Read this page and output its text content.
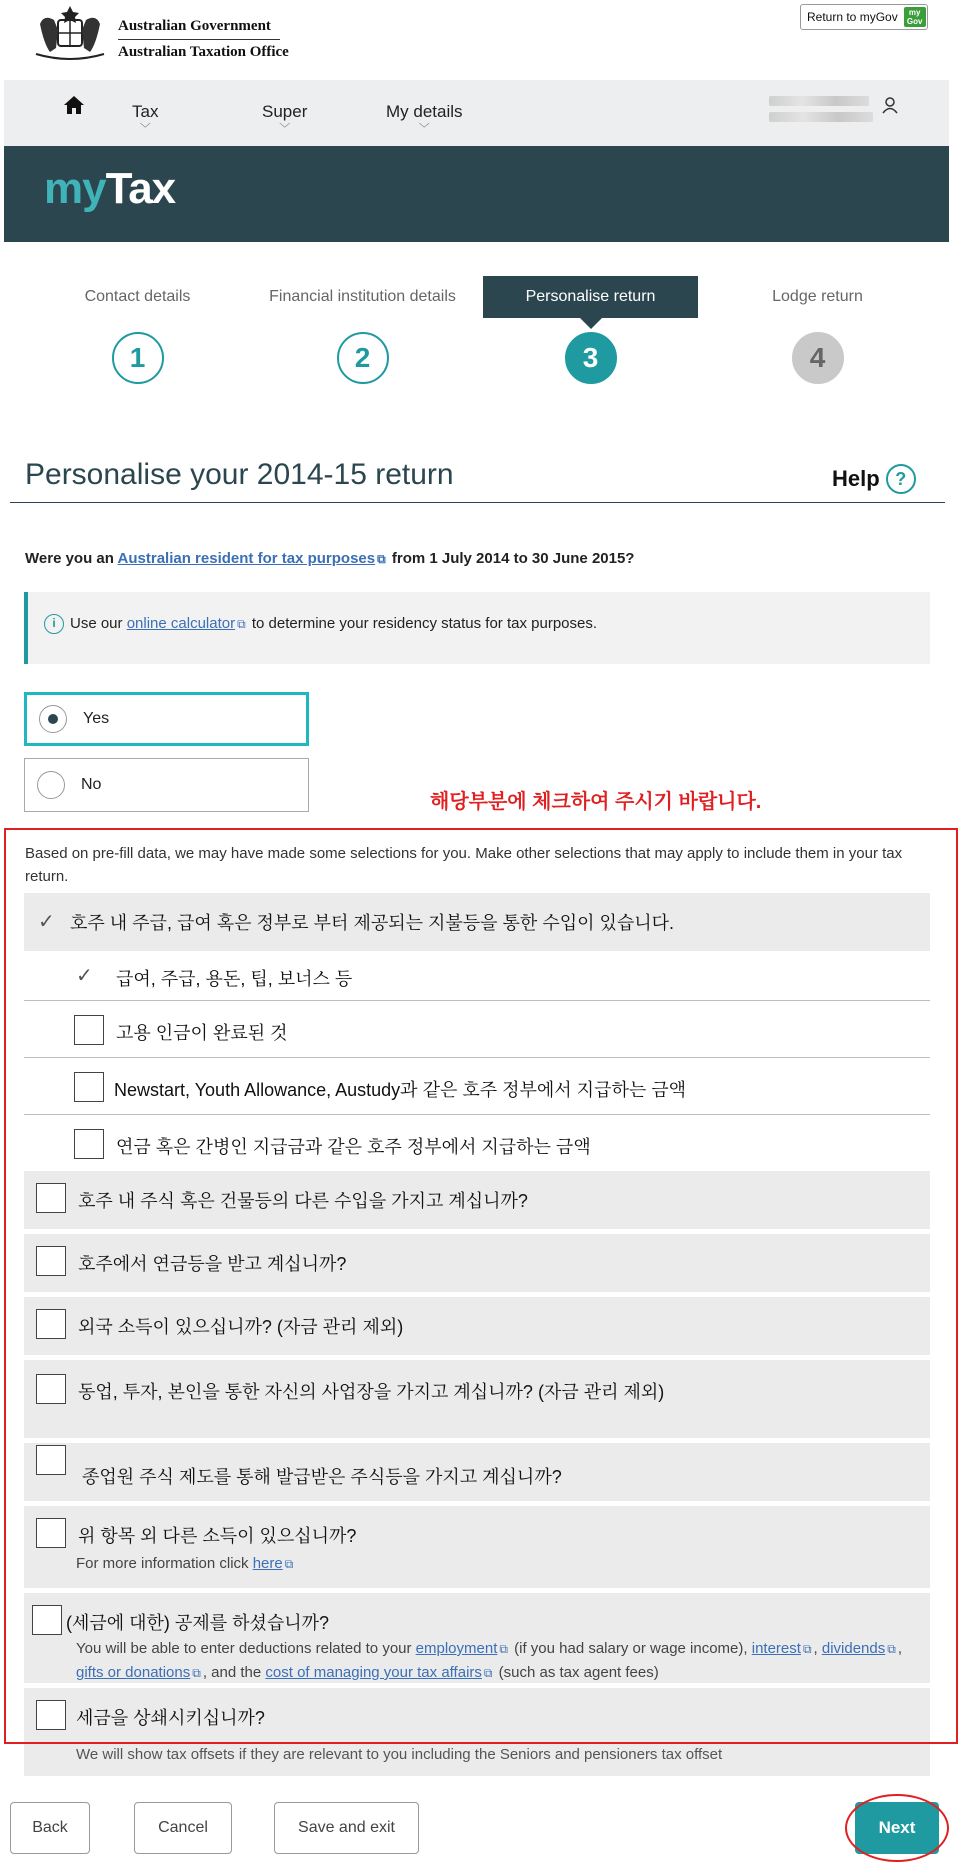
Australian Government
Australian Taxation Office
Return to myGov	my Gov
Tax
﹀
Super
﹀
My details
﹀
myTax
Contact details
1
Financial institution details
2
Personalise return
3
Lodge return
4
Personalise your 2014-15 return	Help ?
Were you an Australian resident for tax purposes ⧉ from 1 July 2014 to 30 June 2015?
i Use our online calculator ⧉ to determine your residency status for tax purposes.
Yes
No
해당부분에 체크하여 주시기 바랍니다.
Based on pre-fill data, we may have made some selections for you. Make other selections that may apply to include them in your tax return.
✓ 호주 내 주급, 급여 혹은 정부로 부터 제공되는 지불등을 통한 수입이 있습니다.
✓ 급여, 주급, 용돈, 팁, 보너스 등
고용 인금이 완료된 것
Newstart, Youth Allowance, Austudy과 같은 호주 정부에서 지급하는 금액
연금 혹은 간병인 지급금과 같은 호주 정부에서 지급하는 금액
호주 내 주식 혹은 건물등의 다른 수입을 가지고 계십니까?
호주에서 연금등을 받고 계십니까?
외국 소득이 있으십니까? (자금 관리 제외)
동업, 투자, 본인을 통한 자신의 사업장을 가지고 계십니까? (자금 관리 제외)
종업원 주식 제도를 통해 발급받은 주식등을 가지고 계십니까?
위 항목 외 다른 소득이 있으십니까?
For more information click here ⧉
(세금에 대한) 공제를 하셨습니까?
You will be able to enter deductions related to your employment ⧉ (if you had salary or wage income), interest ⧉ , dividends ⧉ , gifts or donations ⧉ , and the cost of managing your tax affairs ⧉ (such as tax agent fees)
세금을 상쇄시키십니까?
We will show tax offsets if they are relevant to you including the Seniors and pensioners tax offset
Back	Cancel	Save and exit	Next
